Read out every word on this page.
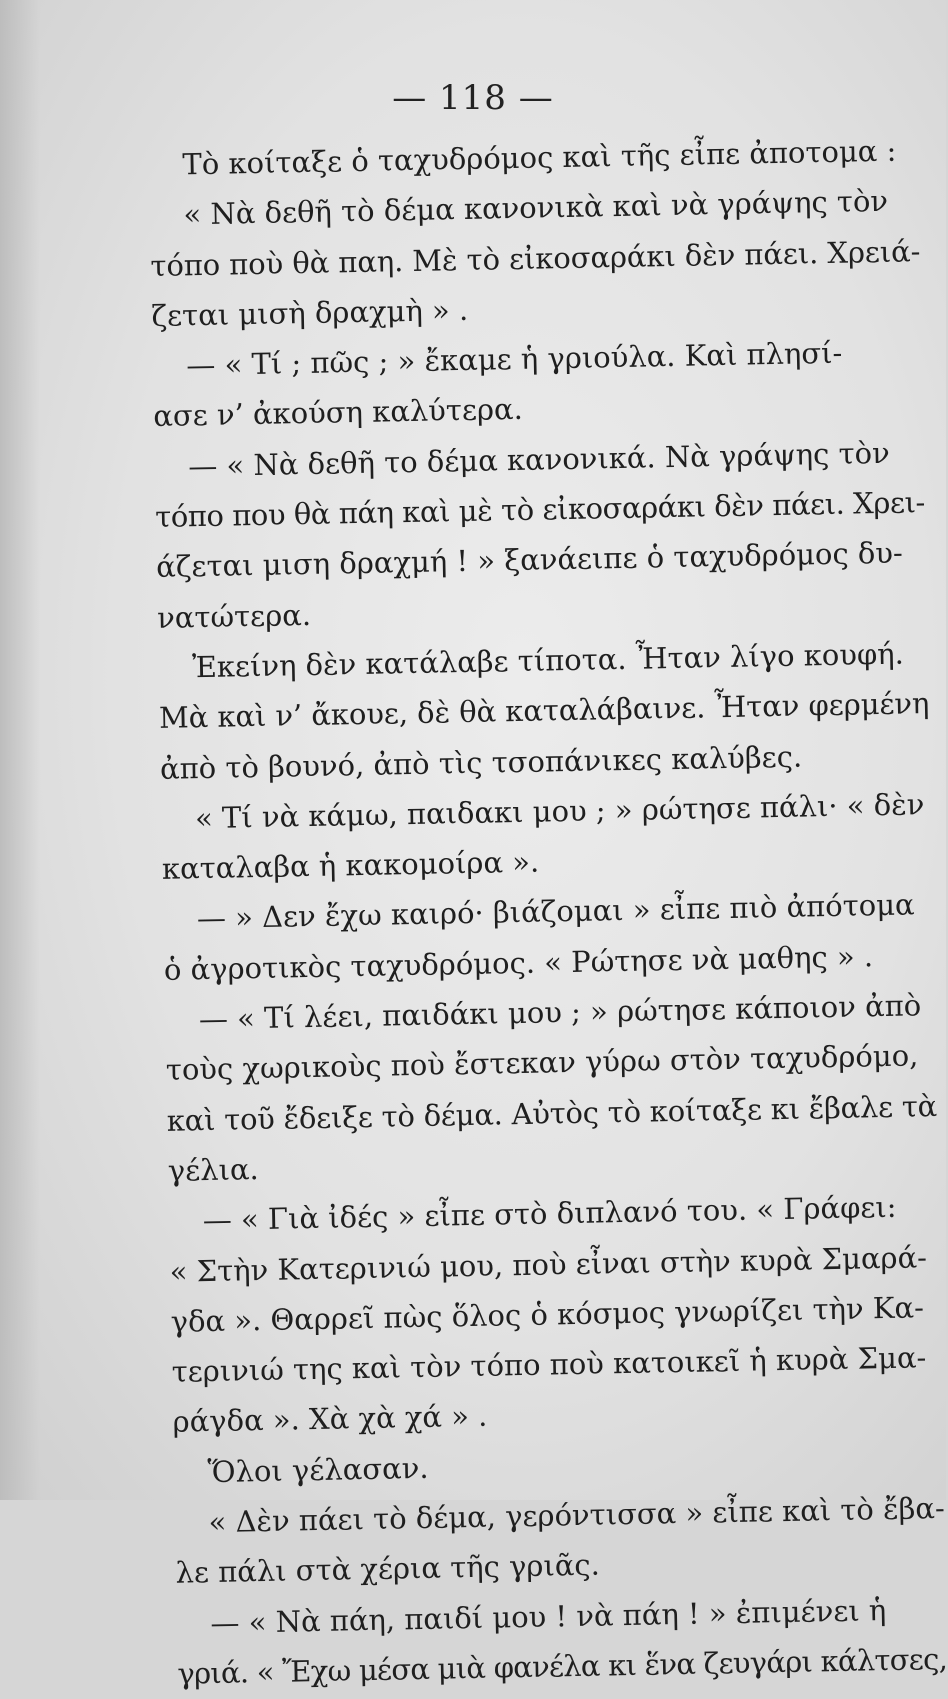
— 118 —
Τὸ κοίταξε ὁ ταχυδρόμος καὶ τῆς εἶπε ἀποτομα :
« Νὰ δεθῆ τὸ δέμα κανονικὰ καὶ νὰ γράψης τὸν
τόπο ποὺ θὰ παη. Μὲ τὸ εἰκοσαράκι δὲν πάει. Χρειά-
ζεται μισὴ δραχμὴ » .
— « Τί ; πῶς ; » ἔκαμε ἡ γριούλα. Καὶ πλησί-
ασε ν’ ἀκούση καλύτερα.
— « Νὰ δεθῆ το δέμα κανονικά. Νὰ γράψης τὸν
τόπο που θὰ πάη καὶ μὲ τὸ εἰκοσαράκι δὲν πάει. Χρει-
άζεται μιση δραχμή ! » ξανάειπε ὁ ταχυδρόμος δυ-
νατώτερα.
Ἐκείνη δὲν κατάλαβε τίποτα. Ἦταν λίγο κουφή.
Μὰ καὶ ν’ ἄκουε, δὲ θὰ καταλάβαινε. Ἦταν φερμένη
ἀπὸ τὸ βουνό, ἀπὸ τὶς τσοπάνικες καλύβες.
« Τί νὰ κάμω, παιδακι μου ; » ρώτησε πάλι· « δὲν
καταλαβα ἡ κακομοίρα ».
— » Δεν ἔχω καιρό· βιάζομαι » εἶπε πιὸ ἀπότομα
ὁ ἀγροτικὸς ταχυδρόμος. « Ρώτησε νὰ μαθης » .
— « Τί λέει, παιδάκι μου ; » ρώτησε κάποιον ἀπὸ
τοὺς χωρικοὺς ποὺ ἔστεκαν γύρω στὸν ταχυδρόμο,
καὶ τοῦ ἔδειξε τὸ δέμα. Αὐτὸς τὸ κοίταξε κι ἔβαλε τὰ
γέλια.
— « Γιὰ ἰδές » εἶπε στὸ διπλανό του. « Γράφει:
« Στὴν Κατερινιώ μου, ποὺ εἶναι στὴν κυρὰ Σμαρά-
γδα ». Θαρρεῖ πὼς ὅλος ὁ κόσμος γνωρίζει τὴν Κα-
τερινιώ της καὶ τὸν τόπο ποὺ κατοικεῖ ἡ κυρὰ Σμα-
ράγδα ». Χὰ χὰ χά » .
Ὅλοι γέλασαν.
« Δὲν πάει τὸ δέμα, γερόντισσα » εἶπε καὶ τὸ ἔβα-
λε πάλι στὰ χέρια τῆς γριᾶς.
— « Νὰ πάη, παιδί μου ! νὰ πάη ! » ἐπιμένει ἡ
γριά. « Ἔχω μέσα μιὰ φανέλα κι ἕνα ζευγάρι κάλτσες,
